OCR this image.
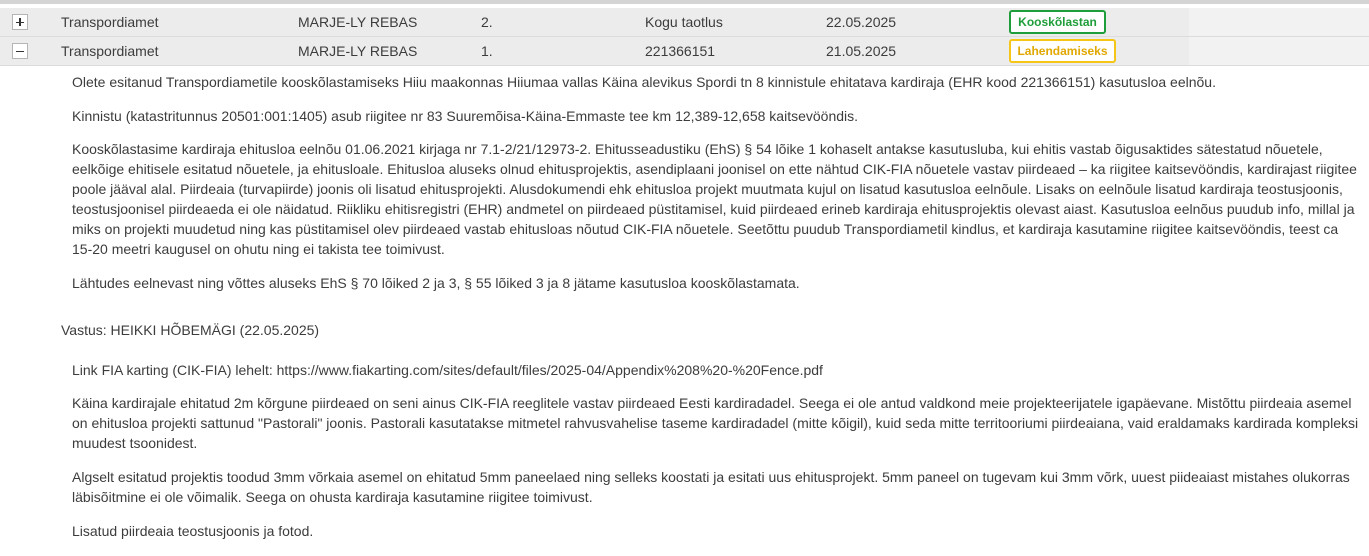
Transpordiamet	MARJE-LY REBAS	2.	Kogu taotlus	22.05.2025	Kooskõlastan
Transpordiamet	MARJE-LY REBAS	1.	221366151	21.05.2025	Lahendamiseks

Olete esitanud Transpordiametile kooskõlastamiseks Hiiu maakonnas Hiiumaa vallas Käina alevikus Spordi tn 8 kinnistule ehitatava kardiraja (EHR kood 221366151) kasutusloa eelnõu.

Kinnistu (katastritunnus 20501:001:1405) asub riigitee nr 83 Suuremõisa-Käina-Emmaste tee km 12,389-12,658 kaitsevööndis.

Kooskõlastasime kardiraja ehitusloa eelnõu 01.06.2021 kirjaga nr 7.1-2/21/12973-2. Ehitusseadustiku (EhS) § 54 lõike 1 kohaselt antakse kasutusluba, kui ehitis vastab õigusaktides sätestatud nõuetele, eelkõige ehitisele esitatud nõuetele, ja ehitusloale. Ehitusloa aluseks olnud ehitusprojektis, asendiplaani joonisel on ette nähtud CIK-FIA nõuetele vastav piirdeaed – ka riigitee kaitsevööndis, kardirajast riigitee poole jääval alal. Piirdeaia (turvapiirde) joonis oli lisatud ehitusprojekti. Alusdokumendi ehk ehitusloa projekt muutmata kujul on lisatud kasutusloa eelnõule. Lisaks on eelnõule lisatud kardiraja teostusjoonis, teostusjoonisel piirdeaeda ei ole näidatud. Riikliku ehitisregistri (EHR) andmetel on piirdeaed püstitamisel, kuid piirdeaed erineb kardiraja ehitusprojektis olevast aiast. Kasutusloa eelnõus puudub info, millal ja miks on projekti muudetud ning kas püstitamisel olev piirdeaed vastab ehitusloas nõutud CIK-FIA nõuetele. Seetõttu puudub Transpordiametil kindlus, et kardiraja kasutamine riigitee kaitsevööndis, teest ca 15-20 meetri kaugusel on ohutu ning ei takista tee toimivust.

Lähtudes eelnevast ning võttes aluseks EhS § 70 lõiked 2 ja 3, § 55 lõiked 3 ja 8 jätame kasutusloa kooskõlastamata.

Vastus: HEIKKI HÕBEMÄGI (22.05.2025)

Link FIA karting (CIK-FIA) lehelt: https://www.fiakarting.com/sites/default/files/2025-04/Appendix%208%20-%20Fence.pdf

Käina kardirajale ehitatud 2m kõrgune piirdeaed on seni ainus CIK-FIA reeglitele vastav piirdeaed Eesti kardiradadel. Seega ei ole antud valdkond meie projekteerijatele igapäevane. Mistõttu piirdeaia asemel on ehitusloa projekti sattunud "Pastorali" joonis. Pastorali kasutatakse mitmetel rahvusvahelise taseme kardiradadel (mitte kõigil), kuid seda mitte territooriumi piirdeaiana, vaid eraldamaks kardirada kompleksi muudest tsoonidest.

Algselt esitatud projektis toodud 3mm võrkaia asemel on ehitatud 5mm paneelaed ning selleks koostati ja esitati uus ehitusprojekt. 5mm paneel on tugevam kui 3mm võrk, uuest piideaiast mistahes olukorras läbisõitmine ei ole võimalik. Seega on ohusta kardiraja kasutamine riigitee toimivust.

Lisatud piirdeaia teostusjoonis ja fotod.
